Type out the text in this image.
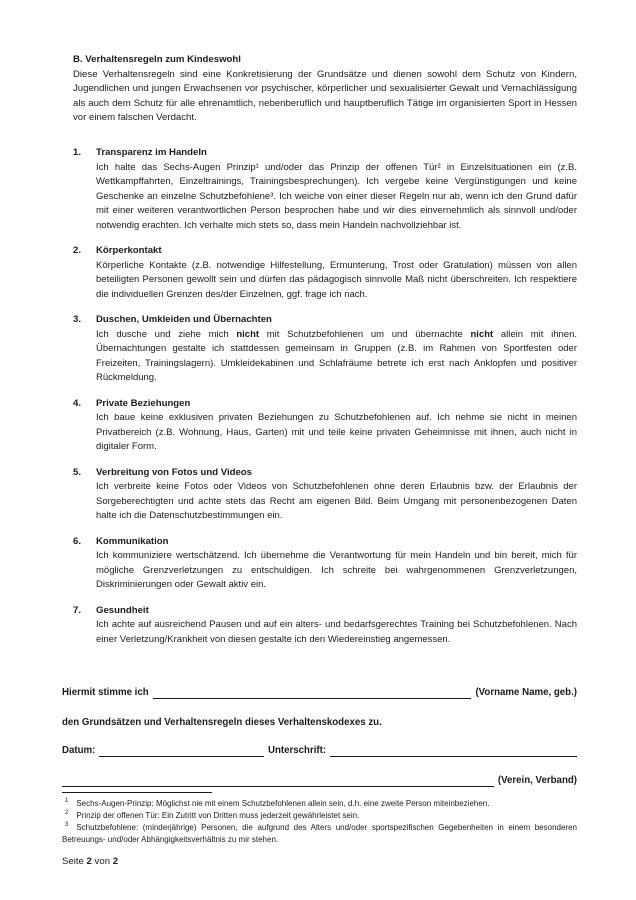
B. Verhaltensregeln zum Kindeswohl

Diese Verhaltensregeln sind eine Konkretisierung der Grundsätze und dienen sowohl dem Schutz von Kindern, Jugendlichen und jungen Erwachsenen vor psychischer, körperlicher und sexualisierter Gewalt und Vernachlässigung als auch dem Schutz für alle ehrenamtlich, nebenberuflich und hauptberuflich Tätige im organisierten Sport in Hessen vor einem falschen Verdacht.

1. Transparenz im Handeln

Ich halte das Sechs-Augen Prinzip¹ und/oder das Prinzip der offenen Tür² in Einzelsituationen ein (z.B. Wettkampffahrten, Einzeltrainings, Trainingsbesprechungen). Ich vergebe keine Vergünstigungen und keine Geschenke an einzelne Schutzbefohlene³. Ich weiche von einer dieser Regeln nur ab, wenn ich den Grund dafür mit einer weiteren verantwortlichen Person besprochen habe und wir dies einvernehmlich als sinnvoll und/oder notwendig erachten. Ich verhalte mich stets so, dass mein Handeln nachvollziehbar ist.

2. Körperkontakt

Körperliche Kontakte (z.B. notwendige Hilfestellung, Ermunterung, Trost oder Gratulation) müssen von allen beteiligten Personen gewollt sein und dürfen das pädagogisch sinnvolle Maß nicht überschreiten. Ich respektiere die individuellen Grenzen des/der Einzelnen, ggf. frage ich nach.

3. Duschen, Umkleiden und Übernachten

Ich dusche und ziehe mich nicht mit Schutzbefohlenen um und übernachte nicht allein mit ihnen. Übernachtungen gestalte ich stattdessen gemeinsam in Gruppen (z.B. im Rahmen von Sportfesten oder Freizeiten, Trainingslagern). Umkleidekabinen und Schlafräume betrete ich erst nach Anklopfen und positiver Rückmeldung.

4. Private Beziehungen

Ich baue keine exklusiven privaten Beziehungen zu Schutzbefohlenen auf. Ich nehme sie nicht in meinen Privatbereich (z.B. Wohnung, Haus, Garten) mit und teile keine privaten Geheimnisse mit ihnen, auch nicht in digitaler Form.

5. Verbreitung von Fotos und Videos

Ich verbreite keine Fotos oder Videos von Schutzbefohlenen ohne deren Erlaubnis bzw. der Erlaubnis der Sorgeberechtigten und achte stets das Recht am eigenen Bild. Beim Umgang mit personenbezogenen Daten halte ich die Datenschutzbestimmungen ein.

6. Kommunikation

Ich kommuniziere wertschätzend. Ich übernehme die Verantwortung für mein Handeln und bin bereit, mich für mögliche Grenzverletzungen zu entschuldigen. Ich schreite bei wahrgenommenen Grenzverletzungen, Diskriminierungen oder Gewalt aktiv ein.

7. Gesundheit

Ich achte auf ausreichend Pausen und auf ein alters- und bedarfsgerechtes Training bei Schutzbefohlenen. Nach einer Verletzung/Krankheit von diesen gestalte ich den Wiedereinstieg angemessen.

Hiermit stimme ich	(Vorname Name, geb.)
den Grundsätzen und Verhaltensregeln dieses Verhaltenskodexes zu.
Datum:	Unterschrift:
(Verein, Verband)

$^1$ Sechs-Augen-Prinzip: Möglichst nie mit einem Schutzbefohlenen allein sein, d.h. eine zweite Person miteinbeziehen.

$^2$ Prinzip der offenen Tür: Ein Zutritt von Dritten muss jederzeit gewährleistet sein.

$^3$ Schutzbefohlene: (minderjährige) Personen, die aufgrund des Alters und/oder sportspezifischen Gegebenheiten in einem besonderen Betreuungs- und/oder Abhängigkeitsverhältnis zu mir stehen.

Seite 2 von 2
